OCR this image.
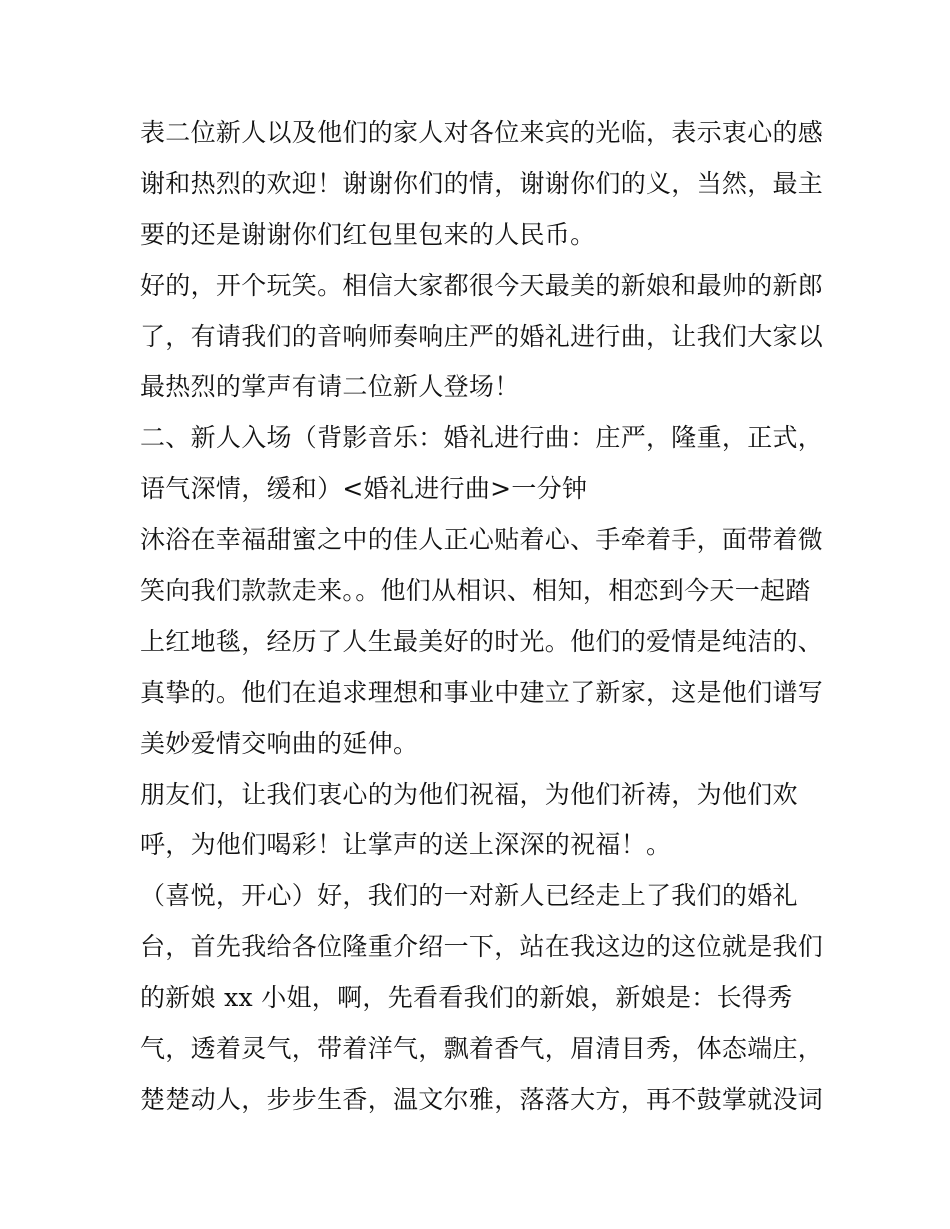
表二位新人以及他们的家人对各位来宾的光临，表示衷心的感
谢和热烈的欢迎！谢谢你们的情，谢谢你们的义，当然，最主
要的还是谢谢你们红包里包来的人民币。
好的，开个玩笑。相信大家都很今天最美的新娘和最帅的新郎
了，有请我们的音响师奏响庄严的婚礼进行曲，让我们大家以
最热烈的掌声有请二位新人登场！
二、新人入场（背影音乐：婚礼进行曲：庄严，隆重，正式，
语气深情，缓和）<婚礼进行曲>一分钟
沐浴在幸福甜蜜之中的佳人正心贴着心、手牵着手，面带着微
笑向我们款款走来。。他们从相识、相知，相恋到今天一起踏
上红地毯，经历了人生最美好的时光。他们的爱情是纯洁的、
真挚的。他们在追求理想和事业中建立了新家，这是他们谱写
美妙爱情交响曲的延伸。
朋友们，让我们衷心的为他们祝福，为他们祈祷，为他们欢
呼，为他们喝彩！让掌声的送上深深的祝福！。
（喜悦，开心）好，我们的一对新人已经走上了我们的婚礼
台，首先我给各位隆重介绍一下，站在我这边的这位就是我们
的新娘 xx 小姐，啊，先看看我们的新娘，新娘是：长得秀
气，透着灵气，带着洋气，飘着香气，眉清目秀，体态端庄，
楚楚动人，步步生香，温文尔雅，落落大方，再不鼓掌就没词
